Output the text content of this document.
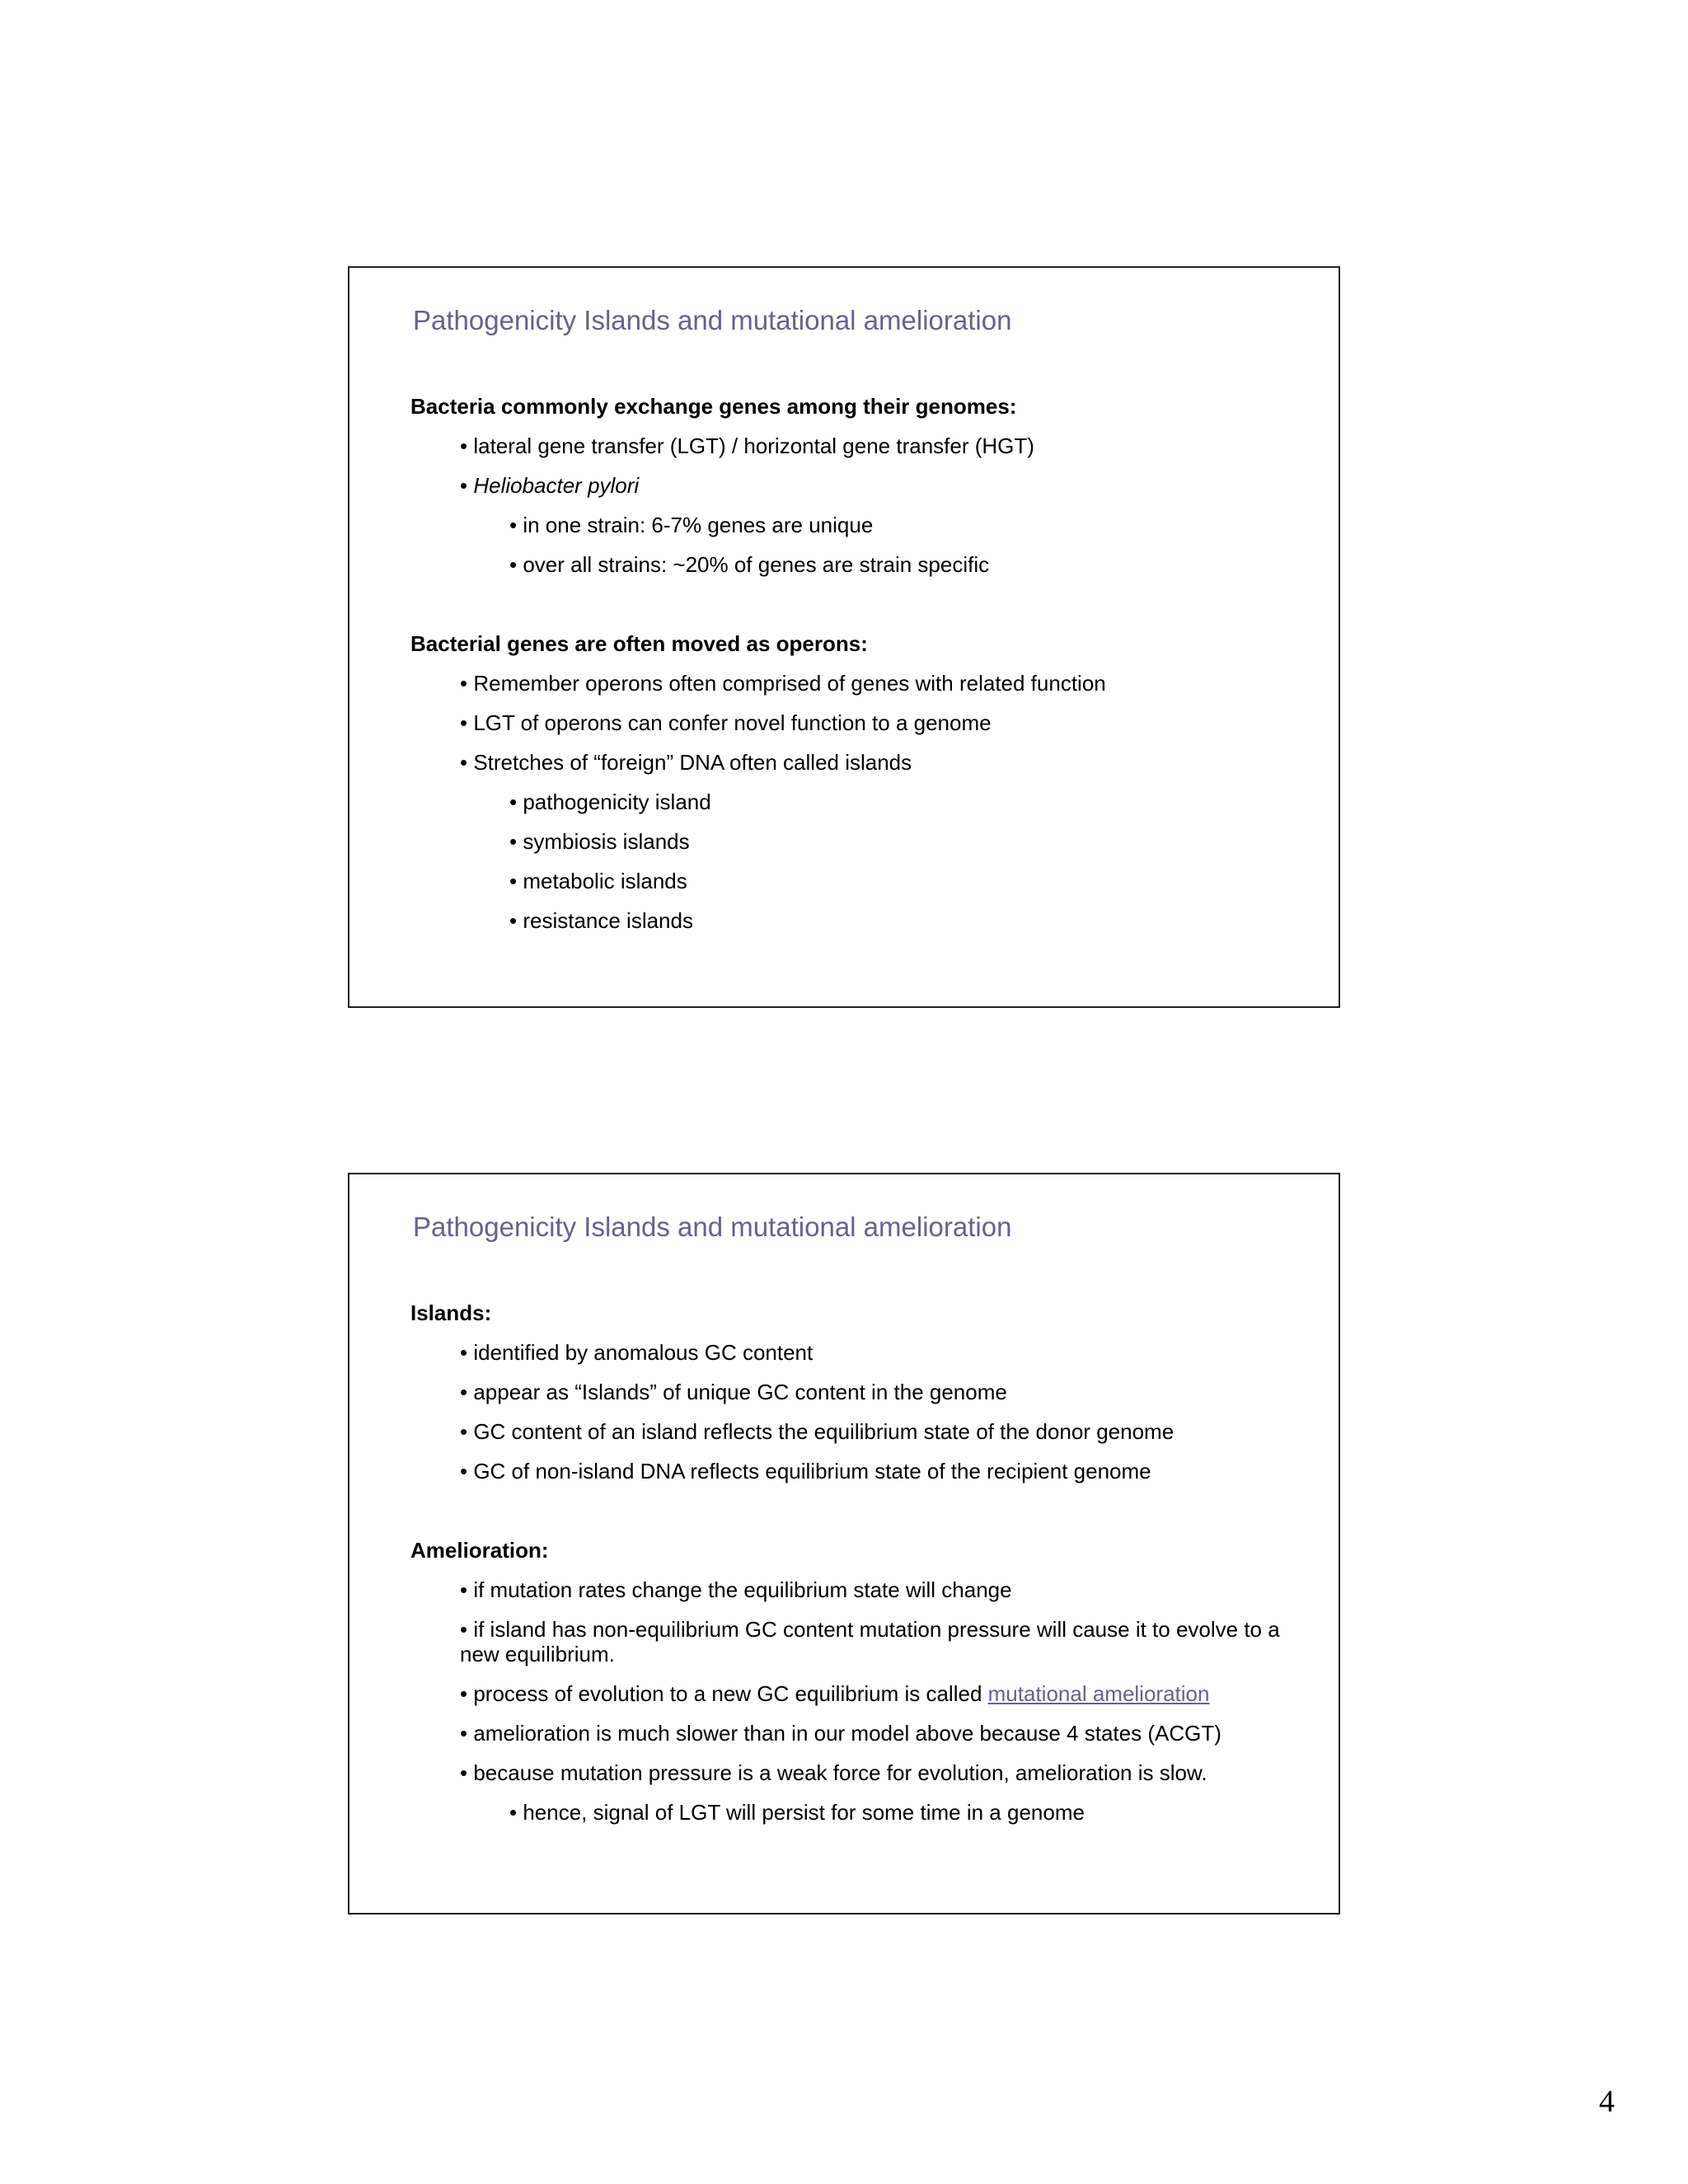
Pathogenicity Islands and mutational amelioration
Bacteria commonly exchange genes among their genomes:
• lateral gene transfer (LGT) / horizontal gene transfer (HGT)
• Heliobacter pylori
• in one strain: 6-7% genes are unique
• over all strains: ~20% of genes are strain specific
Bacterial genes are often moved as operons:
• Remember operons often comprised of genes with related function
• LGT of operons can confer novel function to a genome
• Stretches of “foreign” DNA often called islands
• pathogenicity island
• symbiosis islands
• metabolic islands
• resistance islands
Pathogenicity Islands and mutational amelioration
Islands:
• identified by anomalous GC content
• appear as “Islands” of unique GC content in the genome
• GC content of an island reflects the equilibrium state of the donor genome
• GC of non-island DNA reflects equilibrium state of the recipient genome
Amelioration:
• if mutation rates change the equilibrium state will change
• if island has non-equilibrium GC content mutation pressure will cause it to evolve to a new equilibrium.
• process of evolution to a new GC equilibrium is called mutational amelioration
• amelioration is much slower than in our model above because 4 states (ACGT)
• because mutation pressure is a weak force for evolution, amelioration is slow.
• hence, signal of LGT will persist for some time in a genome
4
